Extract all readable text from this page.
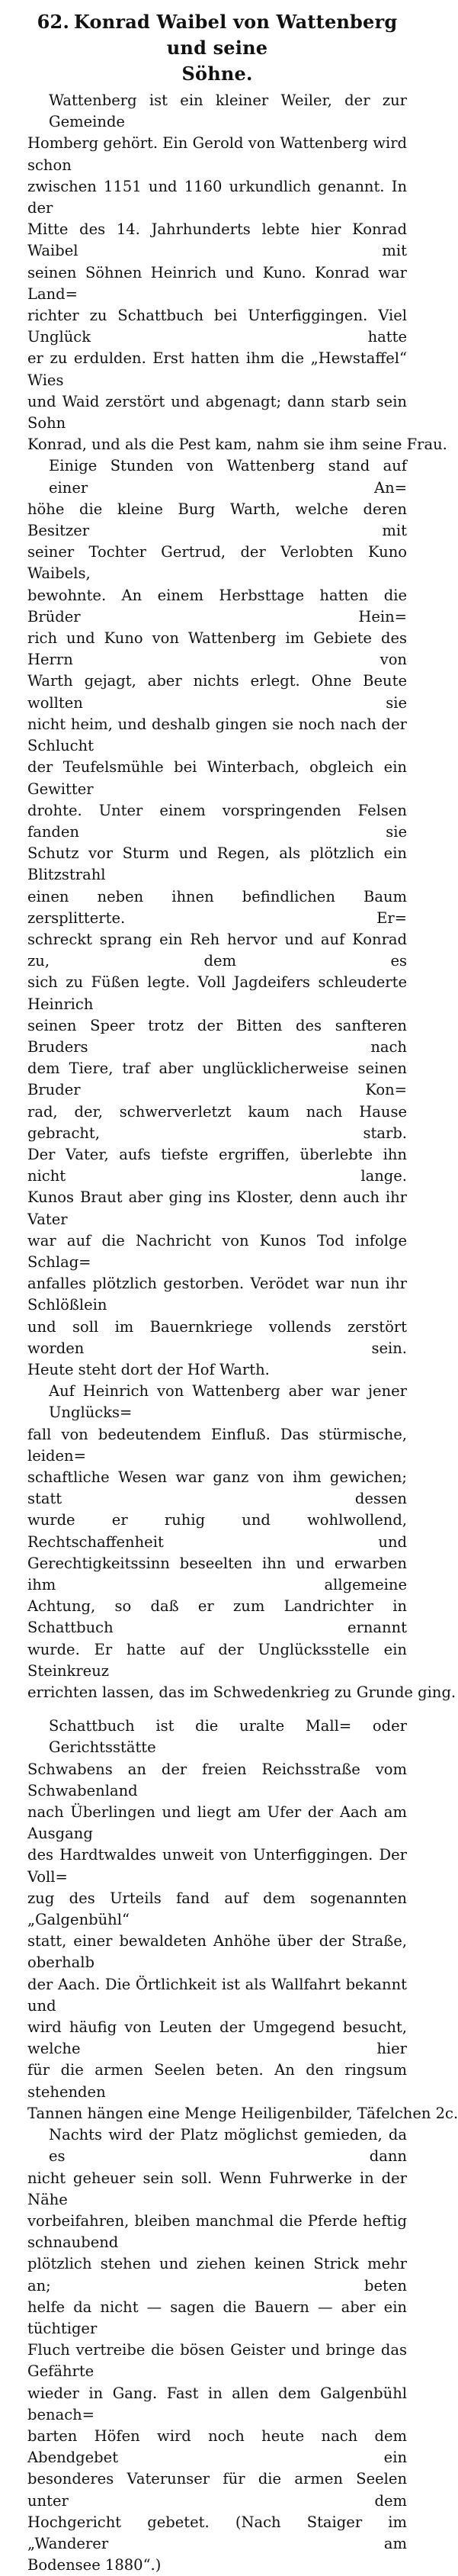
62. Konrad Waibel von Wattenberg und seine
Söhne.
Wattenberg ist ein kleiner Weiler, der zur Gemeinde
Homberg gehört. Ein Gerold von Wattenberg wird schon
zwischen 1151 und 1160 urkundlich genannt. In der
Mitte des 14. Jahrhunderts lebte hier Konrad Waibel mit
seinen Söhnen Heinrich und Kuno. Konrad war Land=
richter zu Schattbuch bei Unterfiggingen. Viel Unglück hatte
er zu erdulden. Erst hatten ihm die „Hewstaffel“ Wies
und Waid zerstört und abgenagt; dann starb sein Sohn
Konrad, und als die Pest kam, nahm sie ihm seine Frau.
Einige Stunden von Wattenberg stand auf einer An=
höhe die kleine Burg Warth, welche deren Besitzer mit
seiner Tochter Gertrud, der Verlobten Kuno Waibels,
bewohnte. An einem Herbsttage hatten die Brüder Hein=
rich und Kuno von Wattenberg im Gebiete des Herrn von
Warth gejagt, aber nichts erlegt. Ohne Beute wollten sie
nicht heim, und deshalb gingen sie noch nach der Schlucht
der Teufelsmühle bei Winterbach, obgleich ein Gewitter
drohte. Unter einem vorspringenden Felsen fanden sie
Schutz vor Sturm und Regen, als plötzlich ein Blitzstrahl
einen neben ihnen befindlichen Baum zersplitterte. Er=
schreckt sprang ein Reh hervor und auf Konrad zu, dem es
sich zu Füßen legte. Voll Jagdeifers schleuderte Heinrich
seinen Speer trotz der Bitten des sanfteren Bruders nach
dem Tiere, traf aber unglücklicherweise seinen Bruder Kon=
rad, der, schwerverletzt kaum nach Hause gebracht, starb.
Der Vater, aufs tiefste ergriffen, überlebte ihn nicht lange.
Kunos Braut aber ging ins Kloster, denn auch ihr Vater
war auf die Nachricht von Kunos Tod infolge Schlag=
anfalles plötzlich gestorben. Verödet war nun ihr Schlößlein
und soll im Bauernkriege vollends zerstört worden sein.
Heute steht dort der Hof Warth.
Auf Heinrich von Wattenberg aber war jener Unglücks=
fall von bedeutendem Einfluß. Das stürmische, leiden=
schaftliche Wesen war ganz von ihm gewichen; statt dessen
wurde er ruhig und wohlwollend, Rechtschaffenheit und
Gerechtigkeitssinn beseelten ihn und erwarben ihm allgemeine
Achtung, so daß er zum Landrichter in Schattbuch ernannt
wurde. Er hatte auf der Unglücksstelle ein Steinkreuz
errichten lassen, das im Schwedenkrieg zu Grunde ging.
Schattbuch ist die uralte Mall= oder Gerichtsstätte
Schwabens an der freien Reichsstraße vom Schwabenland
nach Überlingen und liegt am Ufer der Aach am Ausgang
des Hardtwaldes unweit von Unterfiggingen. Der Voll=
zug des Urteils fand auf dem sogenannten „Galgenbühl“
statt, einer bewaldeten Anhöhe über der Straße, oberhalb
der Aach. Die Örtlichkeit ist als Wallfahrt bekannt und
wird häufig von Leuten der Umgegend besucht, welche hier
für die armen Seelen beten. An den ringsum stehenden
Tannen hängen eine Menge Heiligenbilder, Täfelchen 2c.
Nachts wird der Platz möglichst gemieden, da es dann
nicht geheuer sein soll. Wenn Fuhrwerke in der Nähe
vorbeifahren, bleiben manchmal die Pferde heftig schnaubend
plötzlich stehen und ziehen keinen Strick mehr an; beten
helfe da nicht — sagen die Bauern — aber ein tüchtiger
Fluch vertreibe die bösen Geister und bringe das Gefährte
wieder in Gang. Fast in allen dem Galgenbühl benach=
barten Höfen wird noch heute nach dem Abendgebet ein
besonderes Vaterunser für die armen Seelen unter dem
Hochgericht gebetet. (Nach Staiger im „Wanderer am
Bodensee 1880“.)
